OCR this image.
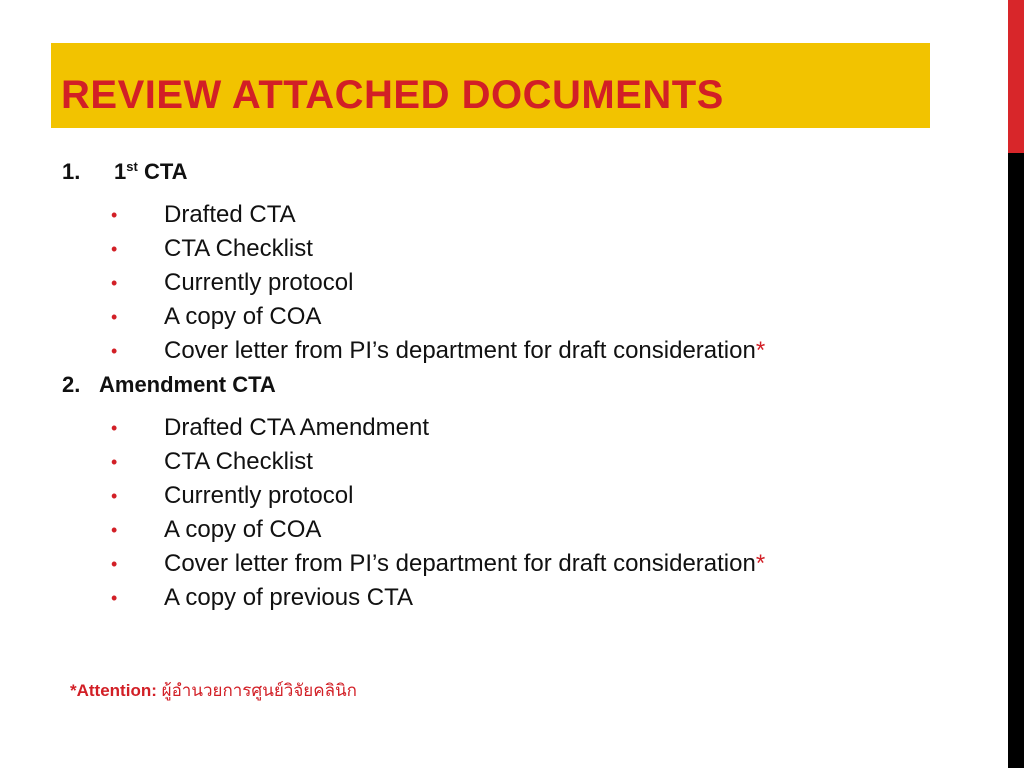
REVIEW ATTACHED DOCUMENTS
1. 1st CTA
• Drafted CTA
• CTA Checklist
• Currently protocol
• A copy of COA
• Cover letter from PI’s department for draft consideration*
2. Amendment CTA
• Drafted CTA Amendment
• CTA Checklist
• Currently protocol
• A copy of COA
• Cover letter from PI’s department for draft consideration*
• A copy of previous CTA
*Attention: ผู้อำนวยการศูนย์วิจัยคลินิก
